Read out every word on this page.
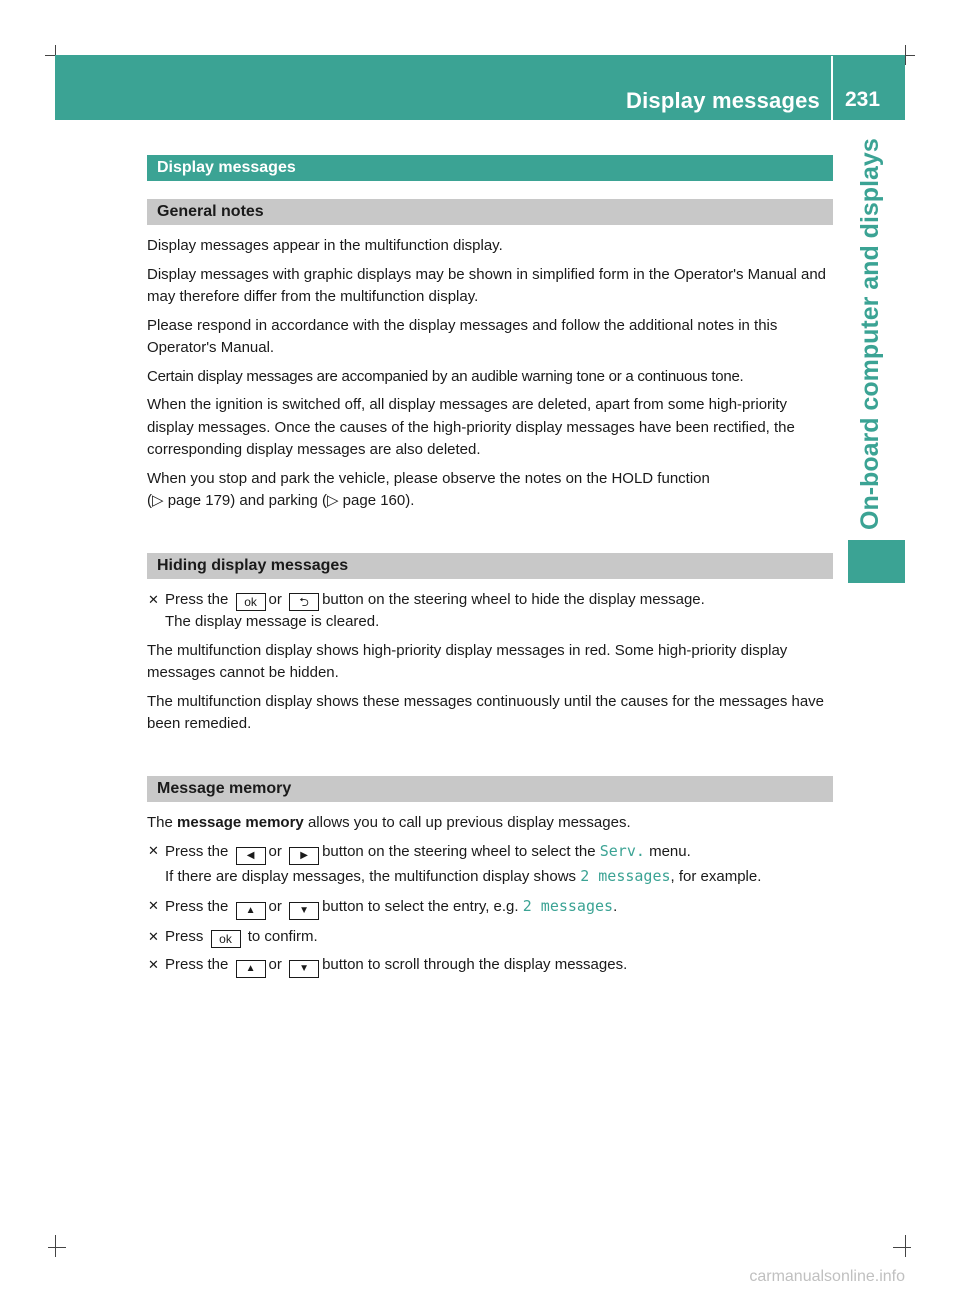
Display messages 231
On-board computer and displays
Display messages
General notes

Display messages appear in the multifunction display.

Display messages with graphic displays may be shown in simplified form in the Operator's Manual and may therefore differ from the multifunction display.

Please respond in accordance with the display messages and follow the additional notes in this Operator's Manual.

Certain display messages are accompanied by an audible warning tone or a continuous tone.

When the ignition is switched off, all display messages are deleted, apart from some high-priority display messages. Once the causes of the high-priority display messages have been rectified, the corresponding display messages are also deleted.

When you stop and park the vehicle, please observe the notes on the HOLD function
(▷ page 179) and parking (▷ page 160).

Hiding display messages
✕ Press the ok or ⮌ button on the steering wheel to hide the display message.
The display message is cleared.

The multifunction display shows high-priority display messages in red. Some high-priority display messages cannot be hidden.

The multifunction display shows these messages continuously until the causes for the messages have been remedied.

Message memory

The message memory allows you to call up previous display messages.

✕ Press the ◀ or ▶ button on the steering wheel to select the Serv. menu.
If there are display messages, the multifunction display shows 2 messages, for example.
✕ Press the ▲ or ▼ button to select the entry, e.g. 2 messages.
✕ Press ok to confirm.
✕ Press the ▲ or ▼ button to scroll through the display messages.
carmanualsonline.info
